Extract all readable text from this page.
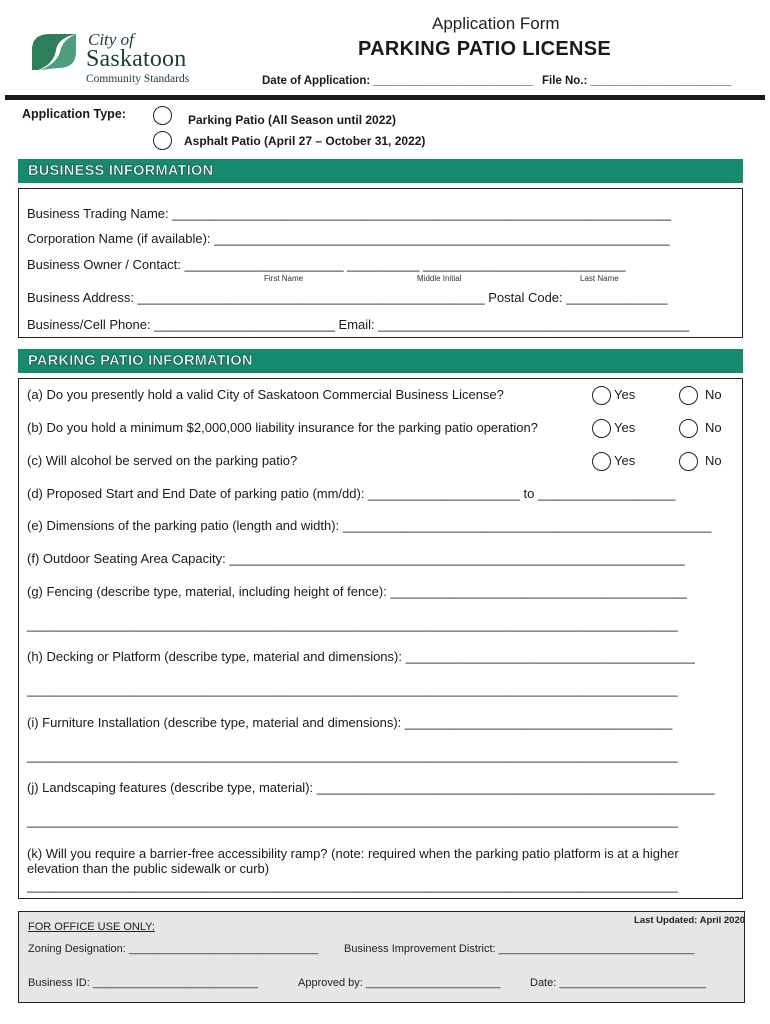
City of
Saskatoon
Community Standards
Application Form
PARKING PATIO LICENSE
Date of Application: _________________________ File No.: ______________________
Application Type:	Parking Patio (All Season until 2022)
Asphalt Patio (April 27 – October 31, 2022)
BUSINESS INFORMATION
Business Trading Name: _____________________________________________________________________
Corporation Name (if available): _______________________________________________________________
Business Owner / Contact: ______________________ __________ ____________________________
First Name	Middle Initial	Last Name
Business Address: ________________________________________________ Postal Code: ______________
Business/Cell Phone: _________________________ Email: ___________________________________________
PARKING PATIO INFORMATION
(a) Do you presently hold a valid City of Saskatoon Commercial Business License?	Yes	No
(b) Do you hold a minimum $2,000,000 liability insurance for the parking patio operation?	Yes	No
(c) Will alcohol be served on the parking patio?	Yes	No
(d) Proposed Start and End Date of parking patio (mm/dd): _____________________ to ___________________
(e) Dimensions of the parking patio (length and width): ___________________________________________________
(f) Outdoor Seating Area Capacity: _______________________________________________________________
(g) Fencing (describe type, material, including height of fence): _________________________________________
__________________________________________________________________________________________
(h) Decking or Platform (describe type, material and dimensions): ________________________________________
__________________________________________________________________________________________
(i) Furniture Installation (describe type, material and dimensions): _____________________________________
__________________________________________________________________________________________
(j) Landscaping features (describe type, material): _______________________________________________________
__________________________________________________________________________________________
(k) Will you require a barrier-free accessibility ramp? (note: required when the parking patio platform is at a higher
elevation than the public sidewalk or curb)
__________________________________________________________________________________________
FOR OFFICE USE ONLY:
Last Updated: April 2020
Zoning Designation: _______________________________ Business Improvement District: ________________________________
Business ID: ___________________________	Approved by: ______________________	Date: ________________________
